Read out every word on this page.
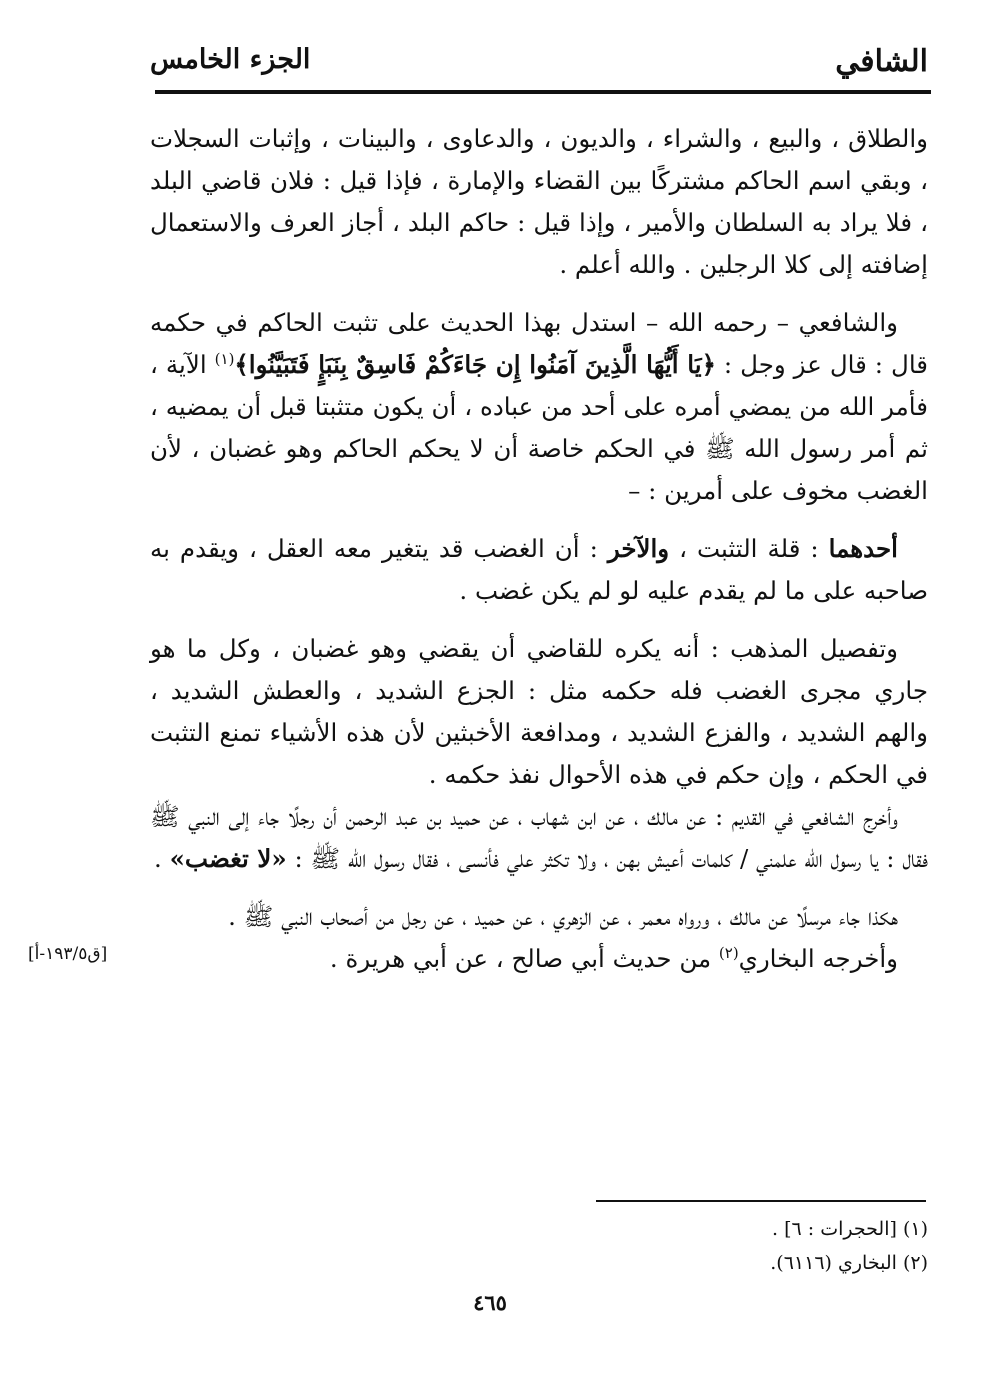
الشافي
الجزء الخامس

والطلاق ، والبيع ، والشراء ، والديون ، والدعاوى ، والبينات ، وإثبات السجلات ، وبقي اسم الحاكم مشتركًا بين القضاء والإمارة ، فإذا قيل : فلان قاضي البلد ، فلا يراد به السلطان والأمير ، وإذا قيل : حاكم البلد ، أجاز العرف والاستعمال إضافته إلى كلا الرجلين . والله أعلم .

والشافعي – رحمه الله – استدل بهذا الحديث على تثبت الحاكم في حكمه قال : قال عز وجل : ﴿يَا أَيُّهَا الَّذِينَ آمَنُوا إِن جَاءَكُمْ فَاسِقٌ بِنَبَإٍ فَتَبَيَّنُوا﴾$^{(١)}$ الآية ، فأمر الله من يمضي أمره على أحد من عباده ، أن يكون متثبتا قبل أن يمضيه ، ثم أمر رسول الله ﷺ في الحكم خاصة أن لا يحكم الحاكم وهو غضبان ، لأن الغضب مخوف على أمرين : –

أحدهما : قلة التثبت ، والآخر : أن الغضب قد يتغير معه العقل ، ويقدم به صاحبه على ما لم يقدم عليه لو لم يكن غضب .

وتفصيل المذهب : أنه يكره للقاضي أن يقضي وهو غضبان ، وكل ما هو جاري مجرى الغضب فله حكمه مثل : الجزع الشديد ، والعطش الشديد ، والهم الشديد ، والفزع الشديد ، ومدافعة الأخبثين لأن هذه الأشياء تمنع التثبت في الحكم ، وإن حكم في هذه الأحوال نفذ حكمه .

وأخرج الشافعي في القديم : عن مالك ، عن ابن شهاب ، عن حميد بن عبد الرحمن أن رجلًا جاء إلى النبي ﷺ فقال : يا رسول الله علمني / كلمات أعيش بهن ، ولا تكثر علي فأنسى ، فقال رسول الله ﷺ : «لا تغضب» .

هكذا جاء مرسلًا عن مالك ، ورواه معمر ، عن الزهري ، عن حميد ، عن رجل من أصحاب النبي ﷺ .

وأخرجه البخاري$^{(٢)}$ من حديث أبي صالح ، عن أبي هريرة .

[ق١٩٣/٥-أ]

(١) [الحجرات : ٦] .

(٢) البخاري (٦١١٦).

٤٦٥
